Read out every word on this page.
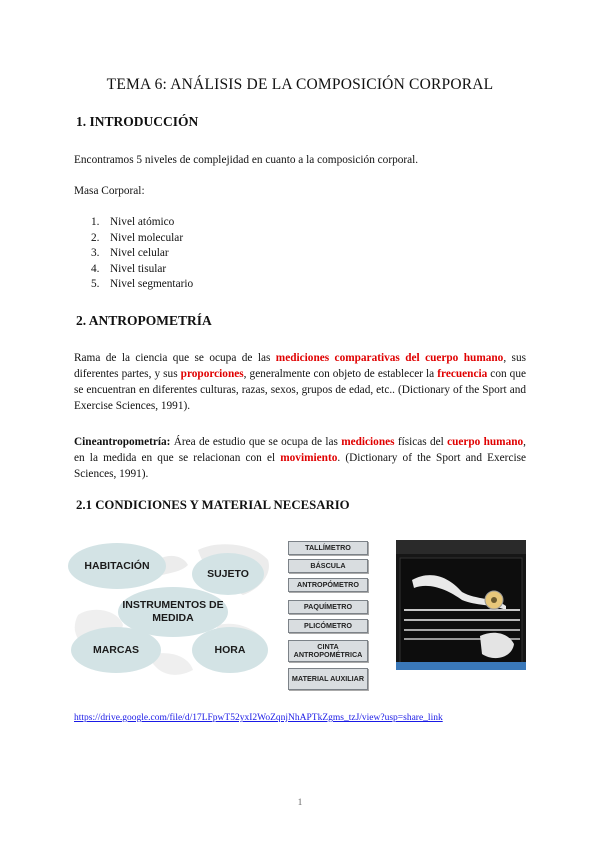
TEMA 6: ANÁLISIS DE LA COMPOSICIÓN CORPORAL
1. INTRODUCCIÓN
Encontramos 5 niveles de complejidad en cuanto a la composición corporal.
Masa Corporal:
1. Nivel atómico
2. Nivel molecular
3. Nivel celular
4. Nivel tisular
5. Nivel segmentario
2. ANTROPOMETRÍA
Rama de la ciencia que se ocupa de las mediciones comparativas del cuerpo humano, sus diferentes partes, y sus proporciones, generalmente con objeto de establecer la frecuencia con que se encuentran en diferentes culturas, razas, sexos, grupos de edad, etc.. (Dictionary of the Sport and Exercise Sciences, 1991).
Cineantropometría: Área de estudio que se ocupa de las mediciones físicas del cuerpo humano, en la medida en que se relacionan con el movimiento. (Dictionary of the Sport and Exercise Sciences, 1991).
2.1 CONDICIONES Y MATERIAL NECESARIO
HABITACIÓN
SUJETO
INSTRUMENTOS DE MEDIDA
MARCAS	HORA
TALLÍMETRO
BÁSCULA
ANTROPÓMETRO
PAQUÍMETRO
PLICÓMETRO
CINTA ANTROPOMÉTRICA
MATERIAL AUXILIAR
https://drive.google.com/file/d/17LFpwT52yxI2WoZqnjNhAPTkZgms_tzJ/view?usp=share_link
1
